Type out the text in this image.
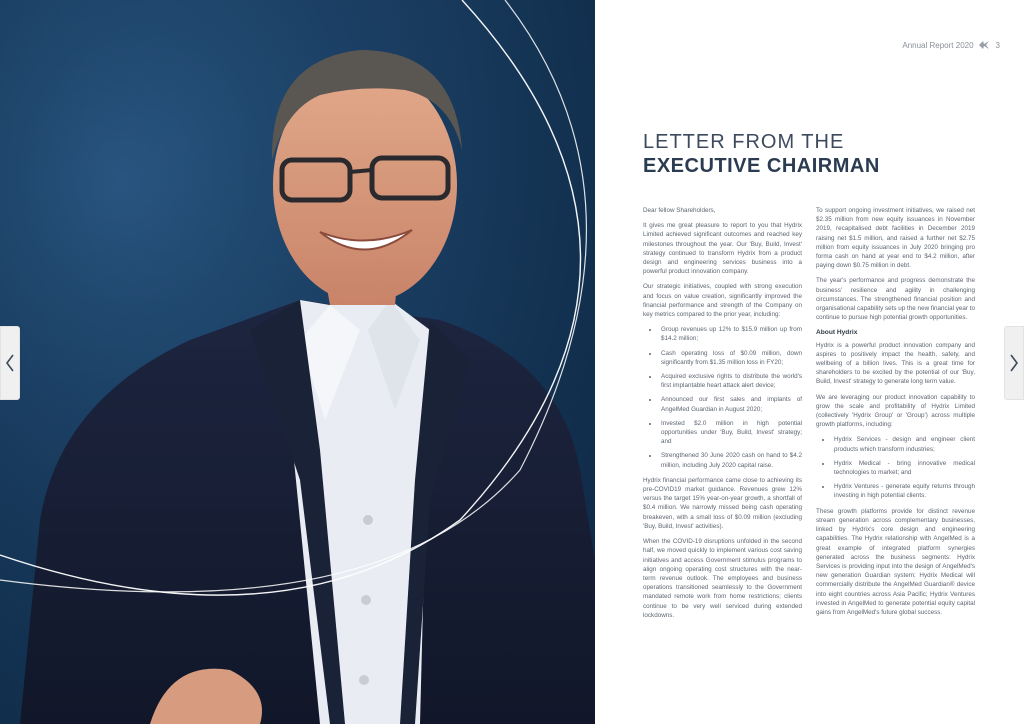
Annual Report 2020	3
LETTER FROM THE
EXECUTIVE CHAIRMAN

Dear fellow Shareholders,

It gives me great pleasure to report to you that Hydrix Limited achieved significant outcomes and reached key milestones throughout the year. Our 'Buy, Build, Invest' strategy continued to transform Hydrix from a product design and engineering services business into a powerful product innovation company.

Our strategic initiatives, coupled with strong execution and focus on value creation, significantly improved the financial performance and strength of the Company on key metrics compared to the prior year, including:

• Group revenues up 12% to $15.9 million up from $14.2 million;
• Cash operating loss of $0.09 million, down significantly from $1.35 million loss in FY20;
• Acquired exclusive rights to distribute the world's first implantable heart attack alert device;
• Announced our first sales and implants of AngelMed Guardian in August 2020;
• Invested $2.0 million in high potential opportunities under 'Buy, Build, Invest' strategy; and
• Strengthened 30 June 2020 cash on hand to $4.2 million, including July 2020 capital raise.

Hydrix financial performance came close to achieving its pre-COVID19 market guidance. Revenues grew 12% versus the target 15% year-on-year growth, a shortfall of $0.4 million. We narrowly missed being cash operating breakeven, with a small loss of $0.09 million (excluding 'Buy, Build, Invest' activities).

When the COVID-19 disruptions unfolded in the second half, we moved quickly to implement various cost saving initiatives and access Government stimulus programs to align ongoing operating cost structures with the near-term revenue outlook. The employees and business operations transitioned seamlessly to the Government mandated remote work from home restrictions; clients continue to be very well serviced during extended lockdowns.

To support ongoing investment initiatives, we raised net $2.35 million from new equity issuances in November 2019, recapitalised debt facilities in December 2019 raising net $1.5 million, and raised a further net $2.75 million from equity issuances in July 2020 bringing pro forma cash on hand at year end to $4.2 million, after paying down $0.75 million in debt.

The year's performance and progress demonstrate the business' resilience and agility in challenging circumstances. The strengthened financial position and organisational capability sets up the new financial year to continue to pursue high potential growth opportunities.

About Hydrix

Hydrix is a powerful product innovation company and aspires to positively impact the health, safety, and wellbeing of a billion lives. This is a great time for shareholders to be excited by the potential of our 'Buy, Build, Invest' strategy to generate long term value.

We are leveraging our product innovation capability to grow the scale and profitability of Hydrix Limited (collectively 'Hydrix Group' or 'Group') across multiple growth platforms, including:

• Hydrix Services - design and engineer client products which transform industries;
• Hydrix Medical - bring innovative medical technologies to market; and
• Hydrix Ventures - generate equity returns through investing in high potential clients.

These growth platforms provide for distinct revenue stream generation across complementary businesses, linked by Hydrix's core design and engineering capabilities. The Hydrix relationship with AngelMed is a great example of integrated platform synergies generated across the business segments: Hydrix Services is providing input into the design of AngelMed's new generation Guardian system; Hydrix Medical will commercially distribute the AngelMed Guardian® device into eight countries across Asia Pacific; Hydrix Ventures invested in AngelMed to generate potential equity capital gains from AngelMed's future global success.
